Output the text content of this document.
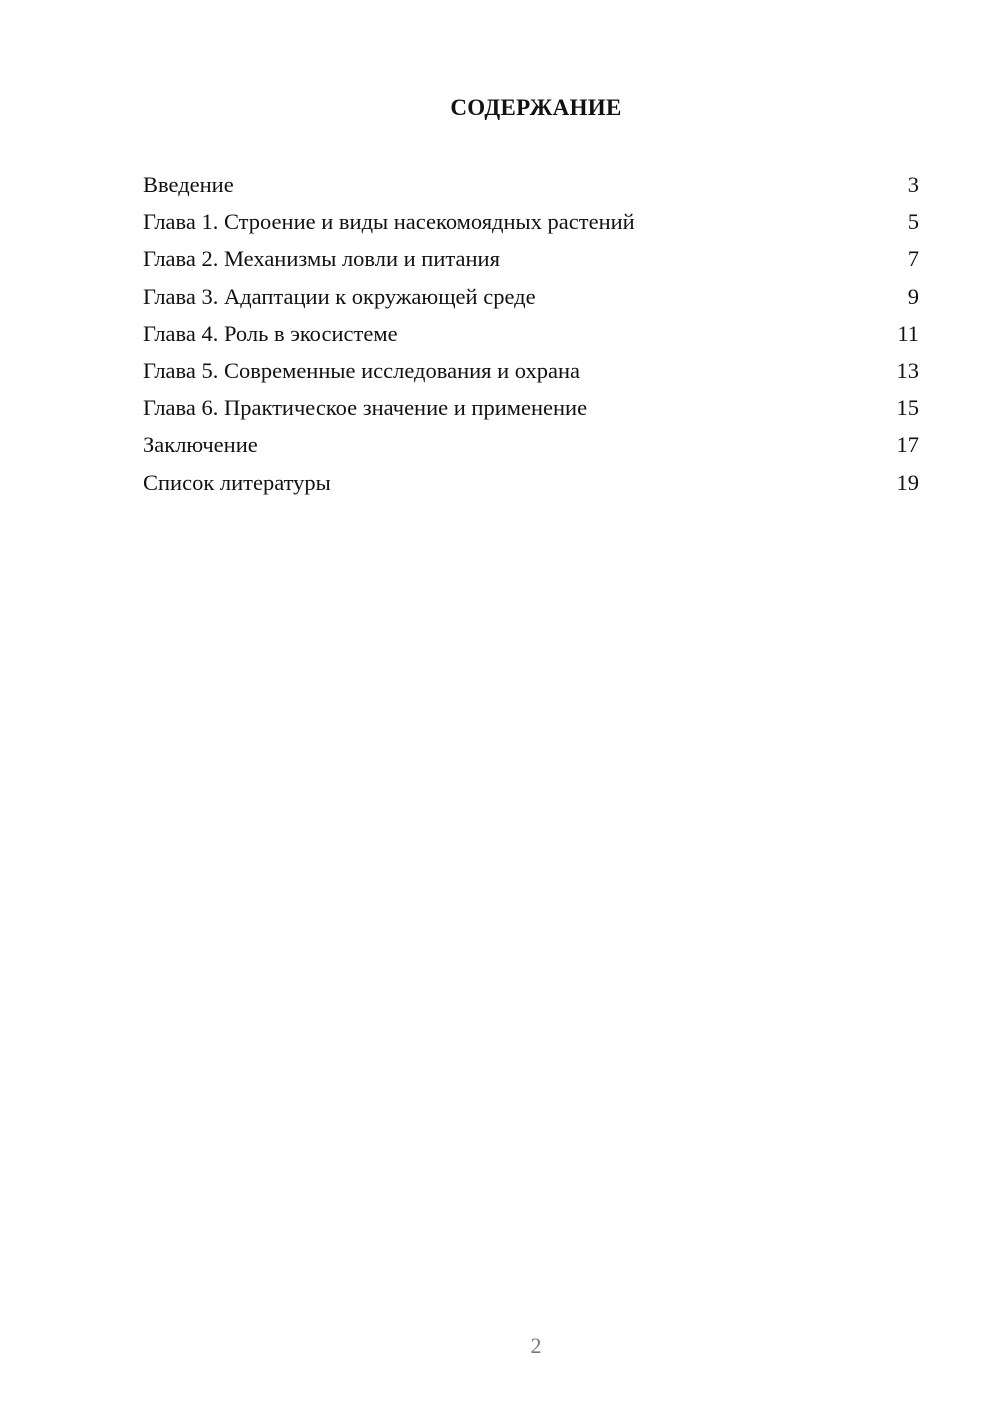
СОДЕРЖАНИЕ
Введение	3
Глава 1. Строение и виды насекомоядных растений	5
Глава 2. Механизмы ловли и питания	7
Глава 3. Адаптации к окружающей среде	9
Глава 4. Роль в экосистеме	11
Глава 5. Современные исследования и охрана	13
Глава 6. Практическое значение и применение	15
Заключение	17
Список литературы	19
2
